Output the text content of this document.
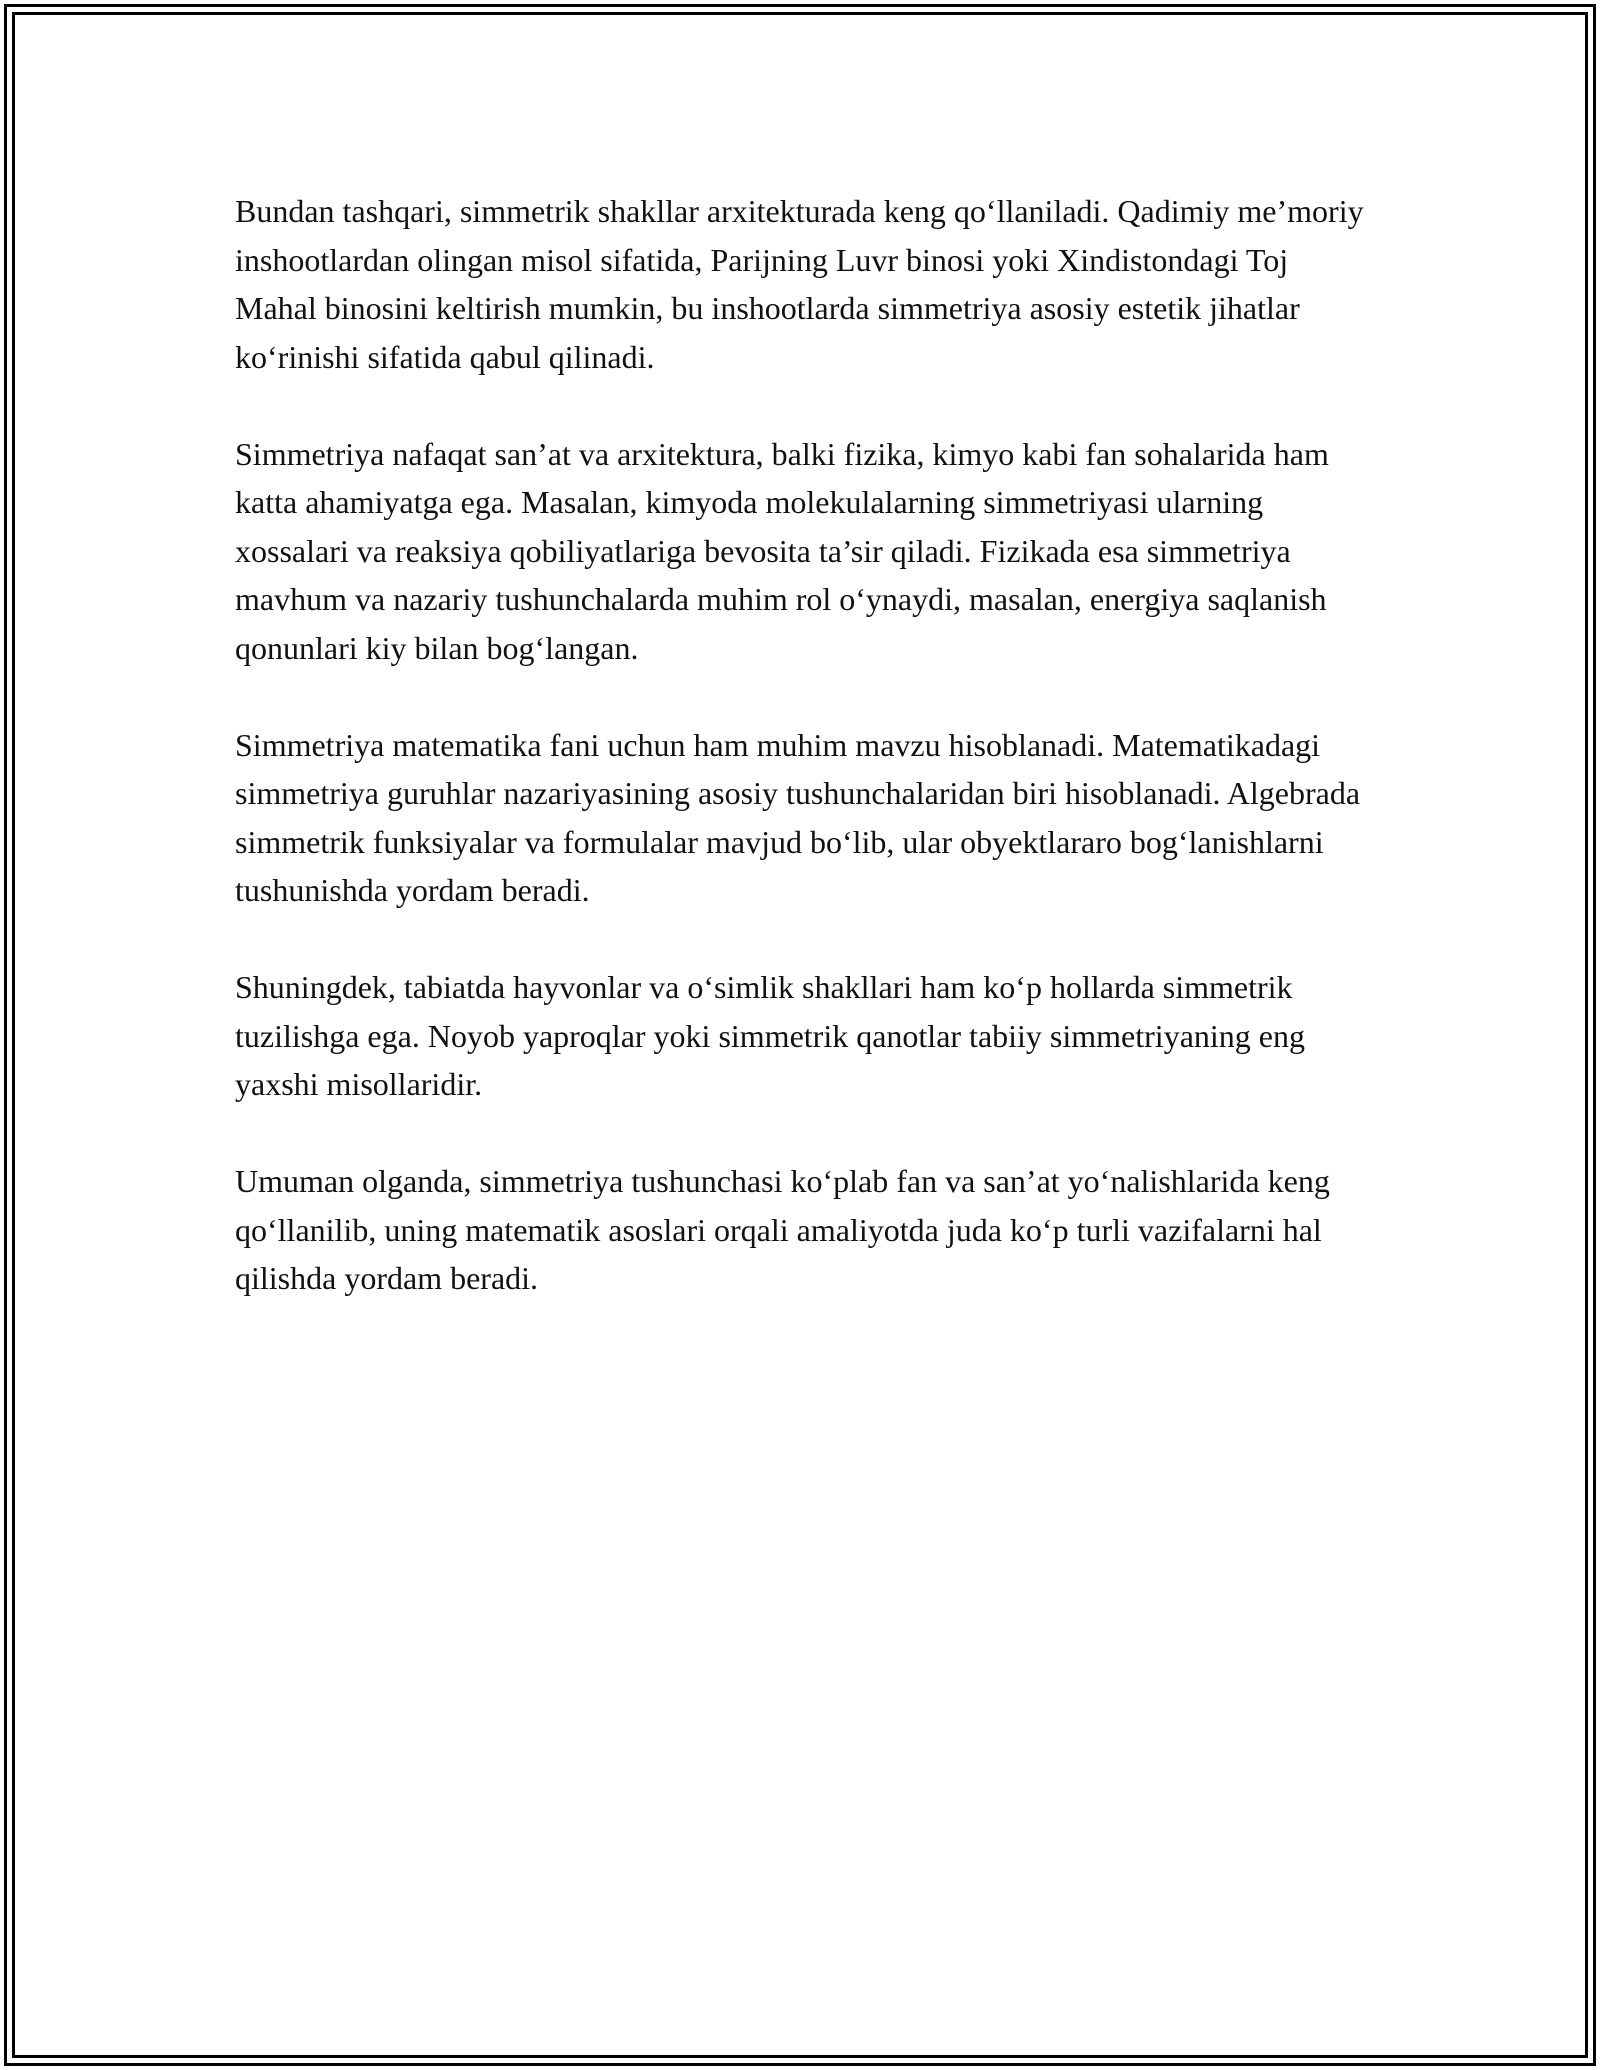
Bundan tashqari, simmetrik shakllar arxitekturada keng qo‘llaniladi. Qadimiy me’moriy inshootlardan olingan misol sifatida, Parijning Luvr binosi yoki Xindistondagi Toj Mahal binosini keltirish mumkin, bu inshootlarda simmetriya asosiy estetik jihatlar ko‘rinishi sifatida qabul qilinadi.

Simmetriya nafaqat san’at va arxitektura, balki fizika, kimyo kabi fan sohalarida ham katta ahamiyatga ega. Masalan, kimyoda molekulalarning simmetriyasi ularning xossalari va reaksiya qobiliyatlariga bevosita ta’sir qiladi. Fizikada esa simmetriya mavhum va nazariy tushunchalarda muhim rol o‘ynaydi, masalan, energiya saqlanish qonunlari kiy bilan bog‘langan.

Simmetriya matematika fani uchun ham muhim mavzu hisoblanadi. Matematikadagi simmetriya guruhlar nazariyasining asosiy tushunchalaridan biri hisoblanadi. Algebrada simmetrik funksiyalar va formulalar mavjud bo‘lib, ular obyektlararo bog‘lanishlarni tushunishda yordam beradi.

Shuningdek, tabiatda hayvonlar va o‘simlik shakllari ham ko‘p hollarda simmetrik tuzilishga ega. Noyob yaproqlar yoki simmetrik qanotlar tabiiy simmetriyaning eng yaxshi misollaridir.

Umuman olganda, simmetriya tushunchasi ko‘plab fan va san’at yo‘nalishlarida keng qo‘llanilib, uning matematik asoslari orqali amaliyotda juda ko‘p turli vazifalarni hal qilishda yordam beradi.
